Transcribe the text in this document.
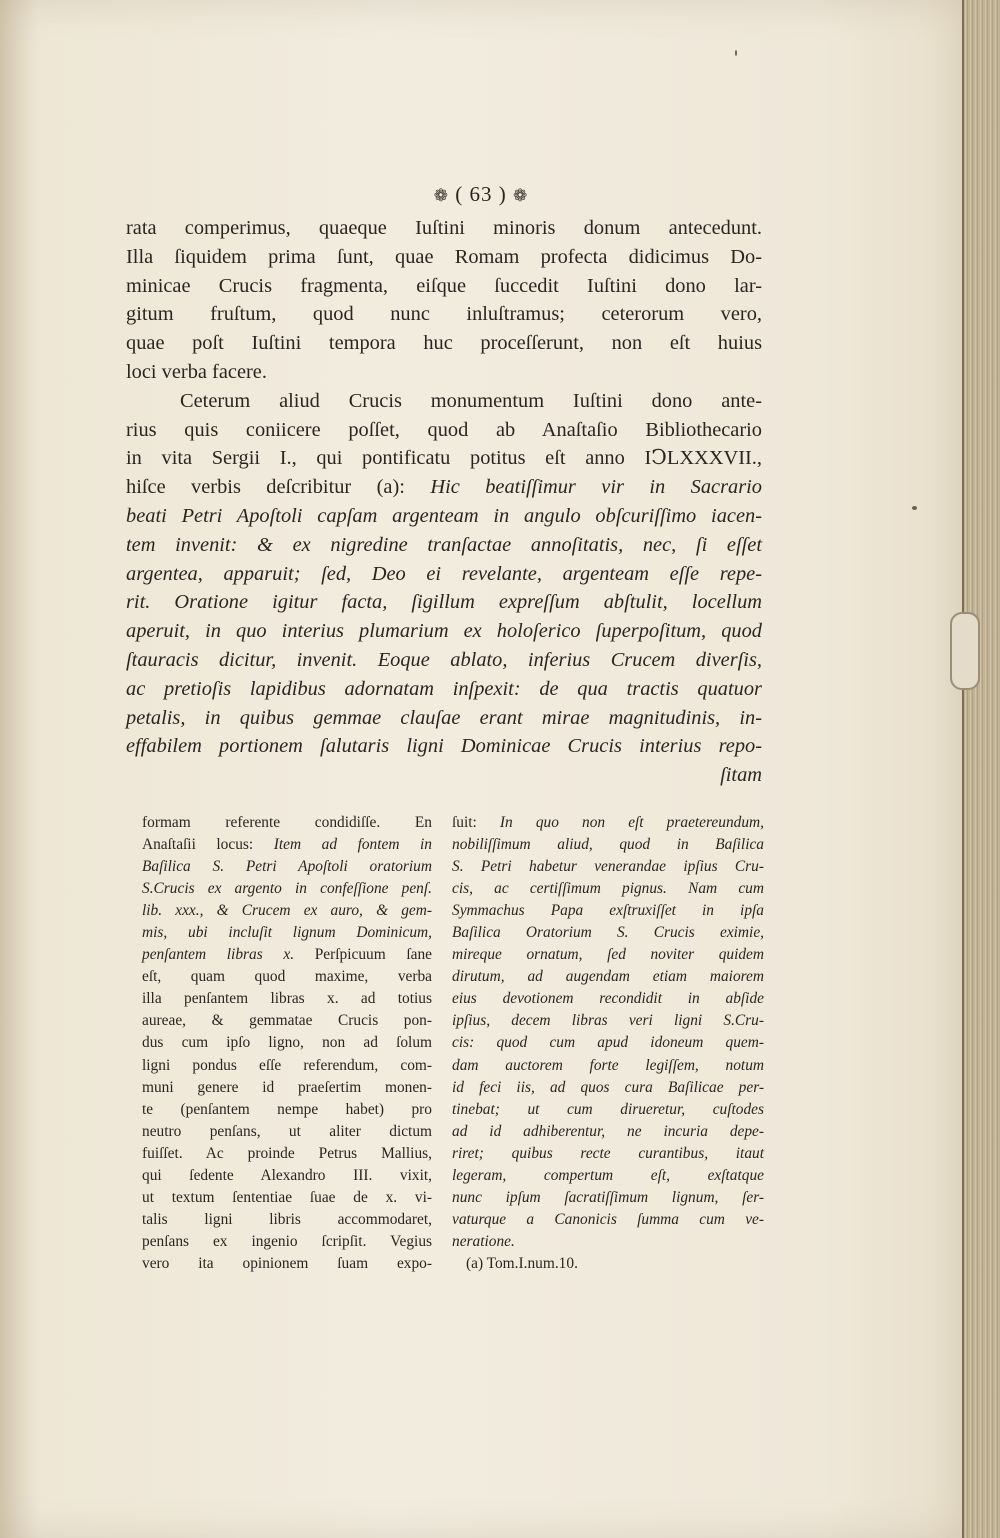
❁ ( 63 ) ❁
rata comperimus, quaeque Iuſtini minoris donum antecedunt.
Illa ſiquidem prima ſunt, quae Romam profecta didicimus Do-
minicae Crucis fragmenta, eiſque ſuccedit Iuſtini dono lar-
gitum fruſtum, quod nunc inluſtramus; ceterorum vero,
quae poſt Iuſtini tempora huc proceſſerunt, non eſt huius
loci verba facere.
Ceterum aliud Crucis monumentum Iuſtini dono ante-
rius quis coniicere poſſet, quod ab Anaſtaſio Bibliothecario
in vita Sergii I., qui pontificatu potitus eſt anno IↃLXXXVII.,
hiſce verbis deſcribitur (a): Hic beatiſſimur vir in Sacrario
beati Petri Apoſtoli capſam argenteam in angulo obſcuriſſimo iacen-
tem invenit: & ex nigredine tranſactae annoſitatis, nec, ſi eſſet
argentea, apparuit; ſed, Deo ei revelante, argenteam eſſe repe-
rit. Oratione igitur facta, ſigillum expreſſum abſtulit, locellum
aperuit, in quo interius plumarium ex holoſerico ſuperpoſitum, quod
ſtauracis dicitur, invenit. Eoque ablato, inferius Crucem diverſis,
ac pretioſis lapidibus adornatam inſpexit: de qua tractis quatuor
petalis, in quibus gemmae clauſae erant mirae magnitudinis, in-
effabilem portionem ſalutaris ligni Dominicae Crucis interius repo-
ſitam
formam referente condidiſſe. En
Anaſtaſii locus: Item ad fontem in
Baſilica S. Petri Apoſtoli oratorium
S.Crucis ex argento in confeſſione penſ.
lib. xxx., & Crucem ex auro, & gem-
mis, ubi incluſit lignum Dominicum,
penſantem libras x. Perſpicuum ſane
eſt, quam quod maxime, verba
illa penſantem libras x. ad totius
aureae, & gemmatae Crucis pon-
dus cum ipſo ligno, non ad ſolum
ligni pondus eſſe referendum, com-
muni genere id praeſertim monen-
te (penſantem nempe habet) pro
neutro penſans, ut aliter dictum
fuiſſet. Ac proinde Petrus Mallius,
qui ſedente Alexandro III. vixit,
ut textum ſententiae ſuae de x. vi-
talis ligni libris accommodaret,
penſans ex ingenio ſcripſit. Vegius
vero ita opinionem ſuam expo-
ſuit: In quo non eſt praetereundum,
nobiliſſimum aliud, quod in Baſilica
S. Petri habetur venerandae ipſius Cru-
cis, ac certiſſimum pignus. Nam cum
Symmachus Papa exſtruxiſſet in ipſa
Baſilica Oratorium S. Crucis eximie,
mireque ornatum, ſed noviter quidem
dirutum, ad augendam etiam maiorem
eius devotionem recondidit in abſide
ipſius, decem libras veri ligni S.Cru-
cis: quod cum apud idoneum quem-
dam auctorem forte legiſſem, notum
id feci iis, ad quos cura Baſilicae per-
tinebat; ut cum dirueretur, cuſtodes
ad id adhiberentur, ne incuria depe-
riret; quibus recte curantibus, itaut
legeram, compertum eſt, exſtatque
nunc ipſum ſacratiſſimum lignum, ſer-
vaturque a Canonicis ſumma cum ve-
neratione.
(a) Tom.I.num.10.
